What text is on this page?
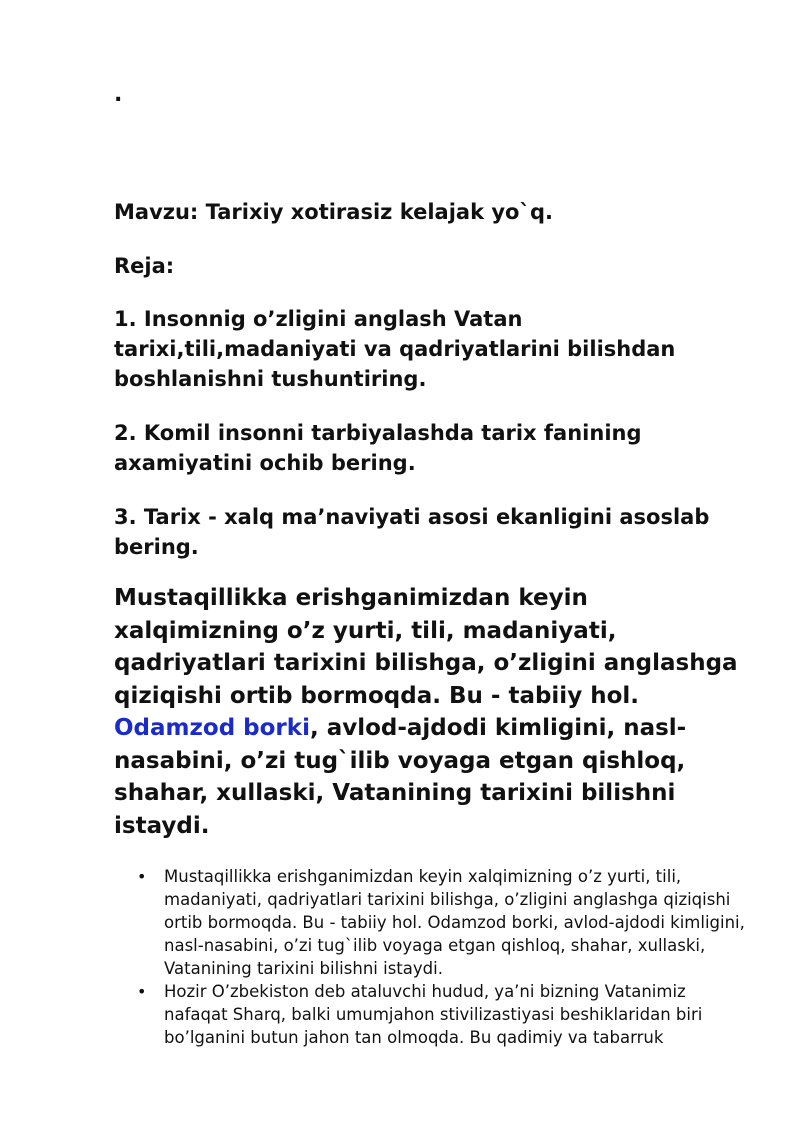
.

Mavzu: Tarixiy xotirasiz kelajak yo`q.
Reja:
1. Insonnig o’zligini anglash Vatan tarixi,tili,madaniyati va qadriyatlarini bilishdan boshlanishni tushuntiring.
2. Komil insonni tarbiyalashda tarix fanining axamiyatini ochib bering.
3. Tarix - xalq ma’naviyati asosi ekanligini asoslab bering.

Mustaqillikka erishganimizdan keyin xalqimizning o’z yurti, tili, madaniyati, qadriyatlari tarixini bilishga, o’zligini anglashga qiziqishi ortib bormoqda. Bu - tabiiy hol. Odamzod borki, avlod-ajdodi kimligini, nasl-nasabini, o’zi tug`ilib voyaga etgan qishloq, shahar, xullaski, Vatanining tarixini bilishni istaydi.

• Mustaqillikka erishganimizdan keyin xalqimizning o’z yurti, tili, madaniyati, qadriyatlari tarixini bilishga, o’zligini anglashga qiziqishi ortib bormoqda. Bu - tabiiy hol. Odamzod borki, avlod-ajdodi kimligini, nasl-nasabini, o’zi tug`ilib voyaga etgan qishloq, shahar, xullaski, Vatanining tarixini bilishni istaydi.
• Hozir O’zbekiston deb ataluvchi hudud, ya’ni bizning Vatanimiz nafaqat Sharq, balki umumjahon stivilizastiyasi beshiklaridan biri bo’lganini butun jahon tan olmoqda. Bu qadimiy va tabarruk
